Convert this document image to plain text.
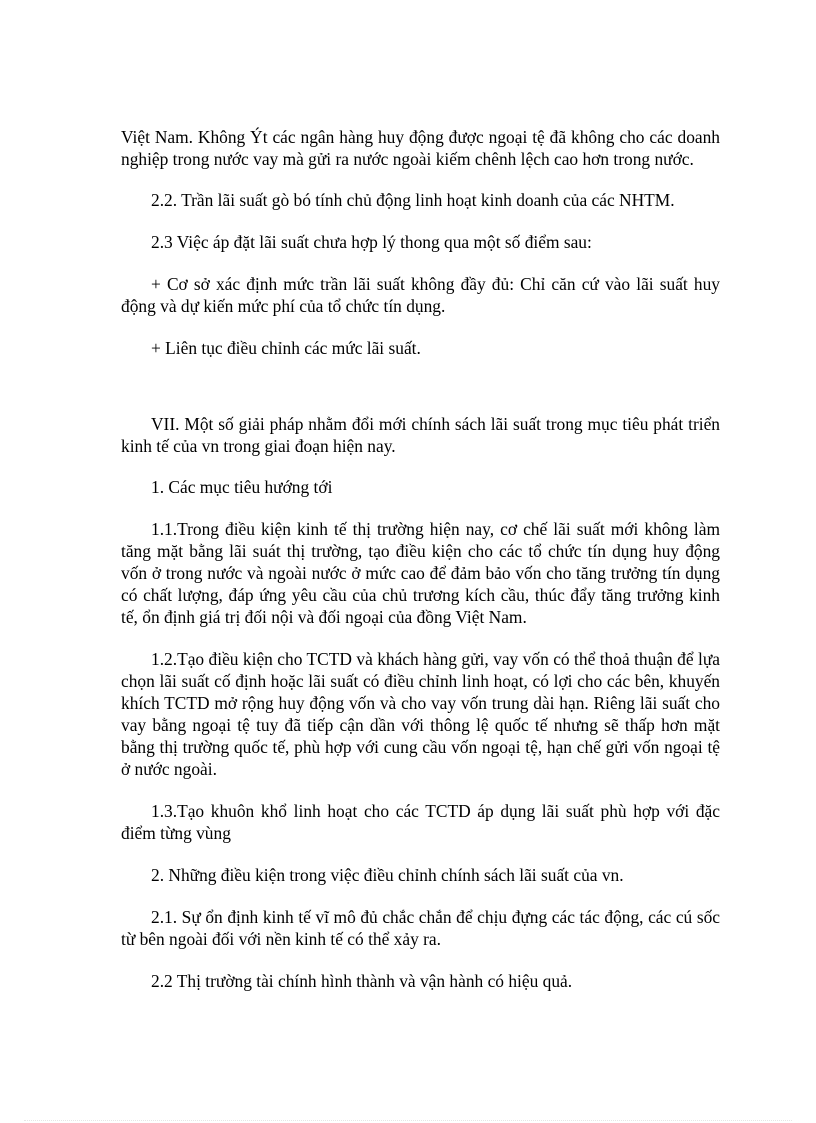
Việt Nam. Không Ýt các ngân hàng huy động được ngoại tệ đã không cho các doanh nghiệp trong nước vay mà gửi ra nước ngoài kiếm chênh lệch cao hơn trong nước.

2.2. Trần lãi suất gò bó tính chủ động linh hoạt kinh doanh của các NHTM.

2.3 Việc áp đặt lãi suất chưa hợp lý thong qua một số điểm sau:

+ Cơ sở xác định mức trần lãi suất không đầy đủ: Chỉ căn cứ vào lãi suất huy động và dự kiến mức phí của tổ chức tín dụng.

+ Liên tục điều chỉnh các mức lãi suất.

VII. Một số giải pháp nhằm đổi mới chính sách lãi suất trong mục tiêu phát triển kinh tế của vn trong giai đoạn hiện nay.

1. Các mục tiêu hướng tới

1.1.Trong điều kiện kinh tế thị trường hiện nay, cơ chế lãi suất mới không làm tăng mặt bằng lãi suát thị trường, tạo điều kiện cho các tổ chức tín dụng huy động vốn ở trong nước và ngoài nước ở mức cao để đảm bảo vốn cho tăng trưởng tín dụng có chất lượng, đáp ứng yêu cầu của chủ trương kích cầu, thúc đẩy tăng trưởng kinh tế, ổn định giá trị đối nội và đối ngoại của đồng Việt Nam.

1.2.Tạo điều kiện cho TCTD và khách hàng gửi, vay vốn có thể thoả thuận để lựa chọn lãi suất cố định hoặc lãi suất có điều chỉnh linh hoạt, có lợi cho các bên, khuyến khích TCTD mở rộng huy động vốn và cho vay vốn trung dài hạn. Riêng lãi suất cho vay bằng ngoại tệ tuy đã tiếp cận dần với thông lệ quốc tế nhưng sẽ thấp hơn mặt bằng thị trường quốc tế, phù hợp với cung cầu vốn ngoại tệ, hạn chế gửi vốn ngoại tệ ở nước ngoài.

1.3.Tạo khuôn khổ linh hoạt cho các TCTD áp dụng lãi suất phù hợp với đặc điểm từng vùng

2. Những điều kiện trong việc điều chỉnh chính sách lãi suất của vn.

2.1. Sự ổn định kinh tế vĩ mô đủ chắc chắn để chịu đựng các tác động, các cú sốc từ bên ngoài đối với nền kinh tế có thể xảy ra.

2.2 Thị trường tài chính hình thành và vận hành có hiệu quả.
